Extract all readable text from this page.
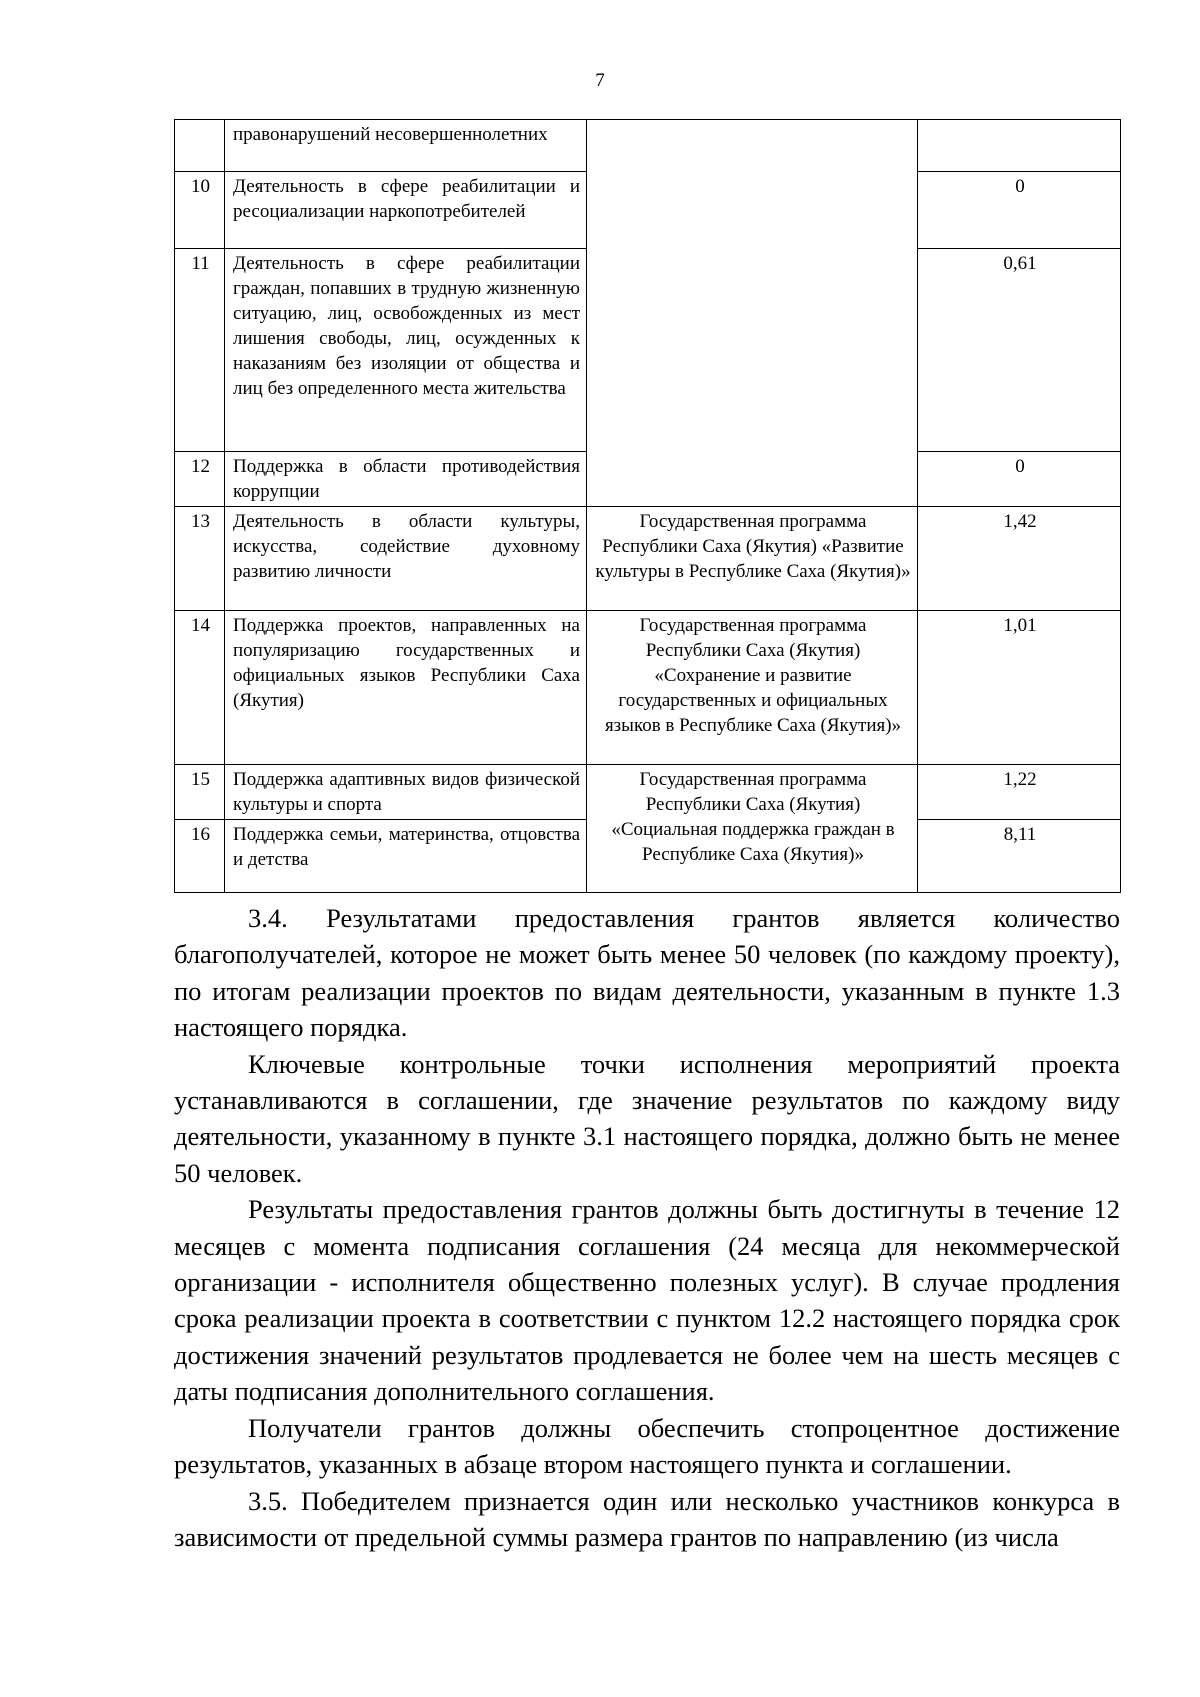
7
	правонарушений несовершеннолетних		
10	Деятельность в сфере реабилитации и ресоциализации наркопотребителей		0
11	Деятельность в сфере реабилитации граждан, попавших в трудную жизненную ситуацию, лиц, освобожденных из мест лишения свободы, лиц, осужденных к наказаниям без изоляции от общества и лиц без определенного места жительства		0,61
12	Поддержка в области противодействия коррупции		0
13	Деятельность в области культуры, искусства, содействие духовному развитию личности	Государственная программа Республики Саха (Якутия) «Развитие культуры в Республике Саха (Якутия)»	1,42
14	Поддержка проектов, направленных на популяризацию государственных и официальных языков Республики Саха (Якутия)	Государственная программа Республики Саха (Якутия) «Сохранение и развитие государственных и официальных языков в Республике Саха (Якутия)»	1,01
15	Поддержка адаптивных видов физической культуры и спорта	Государственная программа Республики Саха (Якутия) «Социальная поддержка граждан в Республике Саха (Якутия)»	1,22
16	Поддержка семьи, материнства, отцовства и детства		8,11

3.4. Результатами предоставления грантов является количество благополучателей, которое не может быть менее 50 человек (по каждому проекту), по итогам реализации проектов по видам деятельности, указанным в пункте 1.3 настоящего порядка.

Ключевые контрольные точки исполнения мероприятий проекта устанавливаются в соглашении, где значение результатов по каждому виду деятельности, указанному в пункте 3.1 настоящего порядка, должно быть не менее 50 человек.

Результаты предоставления грантов должны быть достигнуты в течение 12 месяцев с момента подписания соглашения (24 месяца для некоммерческой организации - исполнителя общественно полезных услуг). В случае продления срока реализации проекта в соответствии с пунктом 12.2 настоящего порядка срок достижения значений результатов продлевается не более чем на шесть месяцев с даты подписания дополнительного соглашения.

Получатели грантов должны обеспечить стопроцентное достижение результатов, указанных в абзаце втором настоящего пункта и соглашении.

3.5. Победителем признается один или несколько участников конкурса в зависимости от предельной суммы размера грантов по направлению (из числа
